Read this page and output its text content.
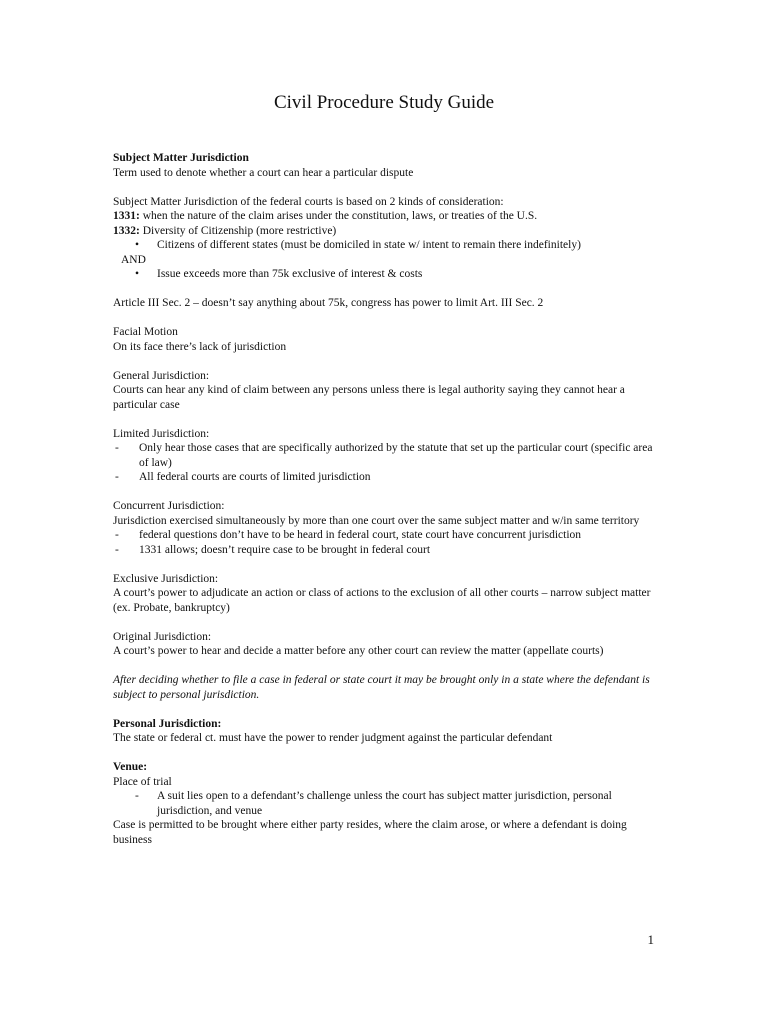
Civil Procedure Study Guide
Subject Matter Jurisdiction
Term used to denote whether a court can hear a particular dispute
Subject Matter Jurisdiction of the federal courts is based on 2 kinds of consideration:
1331: when the nature of the claim arises under the constitution, laws, or treaties of the U.S.
1332: Diversity of Citizenship (more restrictive)
• Citizens of different states (must be domiciled in state w/ intent to remain there indefinitely)
AND
• Issue exceeds more than 75k exclusive of interest & costs
Article III Sec. 2 – doesn’t say anything about 75k, congress has power to limit Art. III Sec. 2
Facial Motion
On its face there’s lack of jurisdiction
General Jurisdiction:
Courts can hear any kind of claim between any persons unless there is legal authority saying they cannot hear a particular case
Limited Jurisdiction:
- Only hear those cases that are specifically authorized by the statute that set up the particular court (specific area of law)
- All federal courts are courts of limited jurisdiction
Concurrent Jurisdiction:
Jurisdiction exercised simultaneously by more than one court over the same subject matter and w/in same territory
- federal questions don’t have to be heard in federal court, state court have concurrent jurisdiction
- 1331 allows; doesn’t require case to be brought in federal court
Exclusive Jurisdiction:
A court’s power to adjudicate an action or class of actions to the exclusion of all other courts – narrow subject matter (ex. Probate, bankruptcy)
Original Jurisdiction:
A court’s power to hear and decide a matter before any other court can review the matter (appellate courts)
After deciding whether to file a case in federal or state court it may be brought only in a state where the defendant is subject to personal jurisdiction.
Personal Jurisdiction:
The state or federal ct. must have the power to render judgment against the particular defendant
Venue:
Place of trial
- A suit lies open to a defendant’s challenge unless the court has subject matter jurisdiction, personal jurisdiction, and venue
Case is permitted to be brought where either party resides, where the claim arose, or where a defendant is doing business
1
